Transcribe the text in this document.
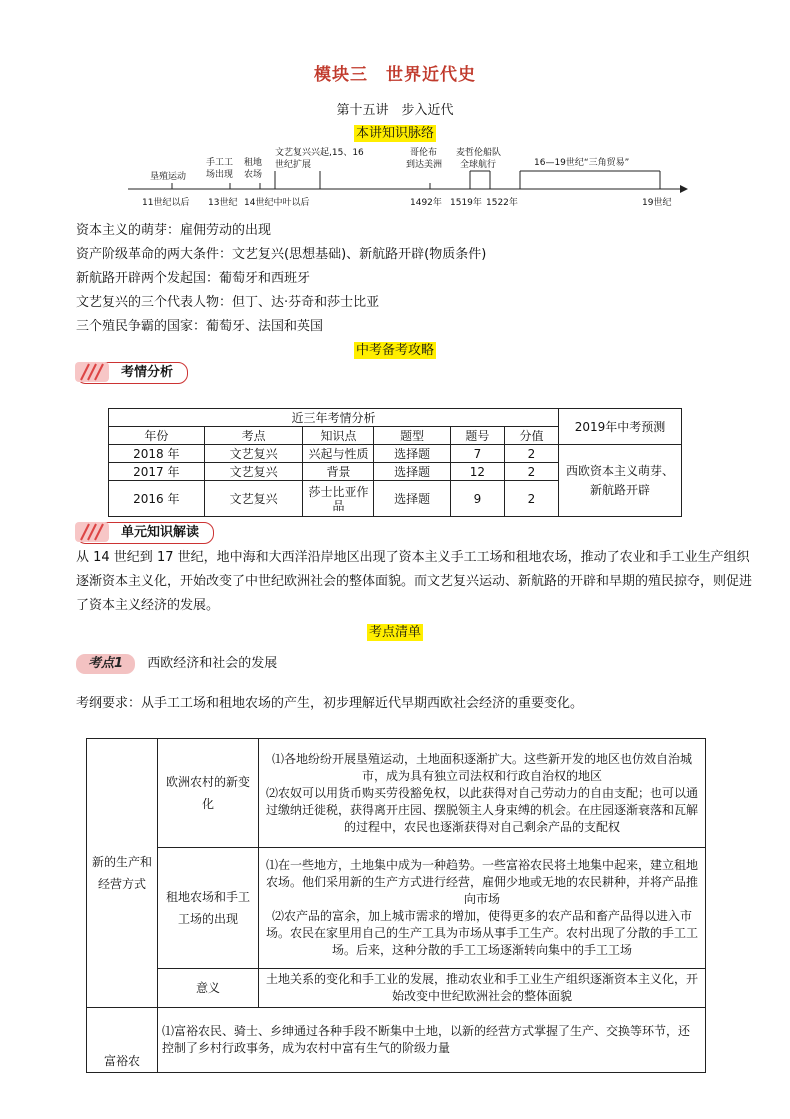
模块三　世界近代史
第十五讲　步入近代
本讲知识脉络
垦殖运动
手工工
场出现
租地
农场
文艺复兴兴起,15、16
世纪扩展
哥伦布
到达美洲
麦哲伦船队
全球航行	16—19世纪“三角贸易”
11世纪以后 13世纪 14世纪中叶以后	1492年 1519年 1522年	19世纪
资本主义的萌芽：雇佣劳动的出现
资产阶级革命的两大条件：文艺复兴(思想基础)、新航路开辟(物质条件)
新航路开辟两个发起国：葡萄牙和西班牙
文艺复兴的三个代表人物：但丁、达·芬奇和莎士比亚
三个殖民争霸的国家：葡萄牙、法国和英国
中考备考攻略
考情分析
近三年考情分析						2019年中考预测
年份	考点	知识点	题型	题号	分值	
2018 年	文艺复兴	兴起与性质	选择题	7	2	西欧资本主义萌芽、新航路开辟
2017 年	文艺复兴	背景	选择题	12	2	
2016 年	文艺复兴	莎士比亚作品	选择题	9	2	
单元知识解读
从 14 世纪到 17 世纪，地中海和大西洋沿岸地区出现了资本主义手工工场和租地农场，推动了农业和手工业生产组织逐渐资本主义化，开始改变了中世纪欧洲社会的整体面貌。而文艺复兴运动、新航路的开辟和早期的殖民掠夺，则促进了资本主义经济的发展。
考点清单
考点1 西欧经济和社会的发展
考纲要求：从手工工场和租地农场的产生，初步理解近代早期西欧社会经济的重要变化。
新的生产和经营方式	欧洲农村的新变化	⑴各地纷纷开展垦殖运动，土地面积逐渐扩大。这些新开发的地区也仿效自治城市，成为具有独立司法权和行政自治权的地区
⑵农奴可以用货币购买劳役豁免权，以此获得对自己劳动力的自由支配；也可以通过缴纳迁徙税，获得离开庄园、摆脱领主人身束缚的机会。在庄园逐渐衰落和瓦解的过程中，农民也逐渐获得对自己剩余产品的支配权

	租地农场和手工工场的出现	⑴在一些地方，土地集中成为一种趋势。一些富裕农民将土地集中起来，建立租地农场。他们采用新的生产方式进行经营，雇佣少地或无地的农民耕种，并将产品推向市场
⑵农产品的富余，加上城市需求的增加，使得更多的农产品和畜产品得以进入市场。农民在家里用自己的生产工具为市场从事手工生产。农村出现了分散的手工工场。后来，这种分散的手工工场逐渐转向集中的手工工场

	意义	土地关系的变化和手工业的发展，推动农业和手工业生产组织逐渐资本主义化，开始改变中世纪欧洲社会的整体面貌
富裕农	⑴富裕农民、骑士、乡绅通过各种手段不断集中土地，以新的经营方式掌握了生产、交换等环节，还控制了乡村行政事务，成为农村中富有生气的阶级力量	
